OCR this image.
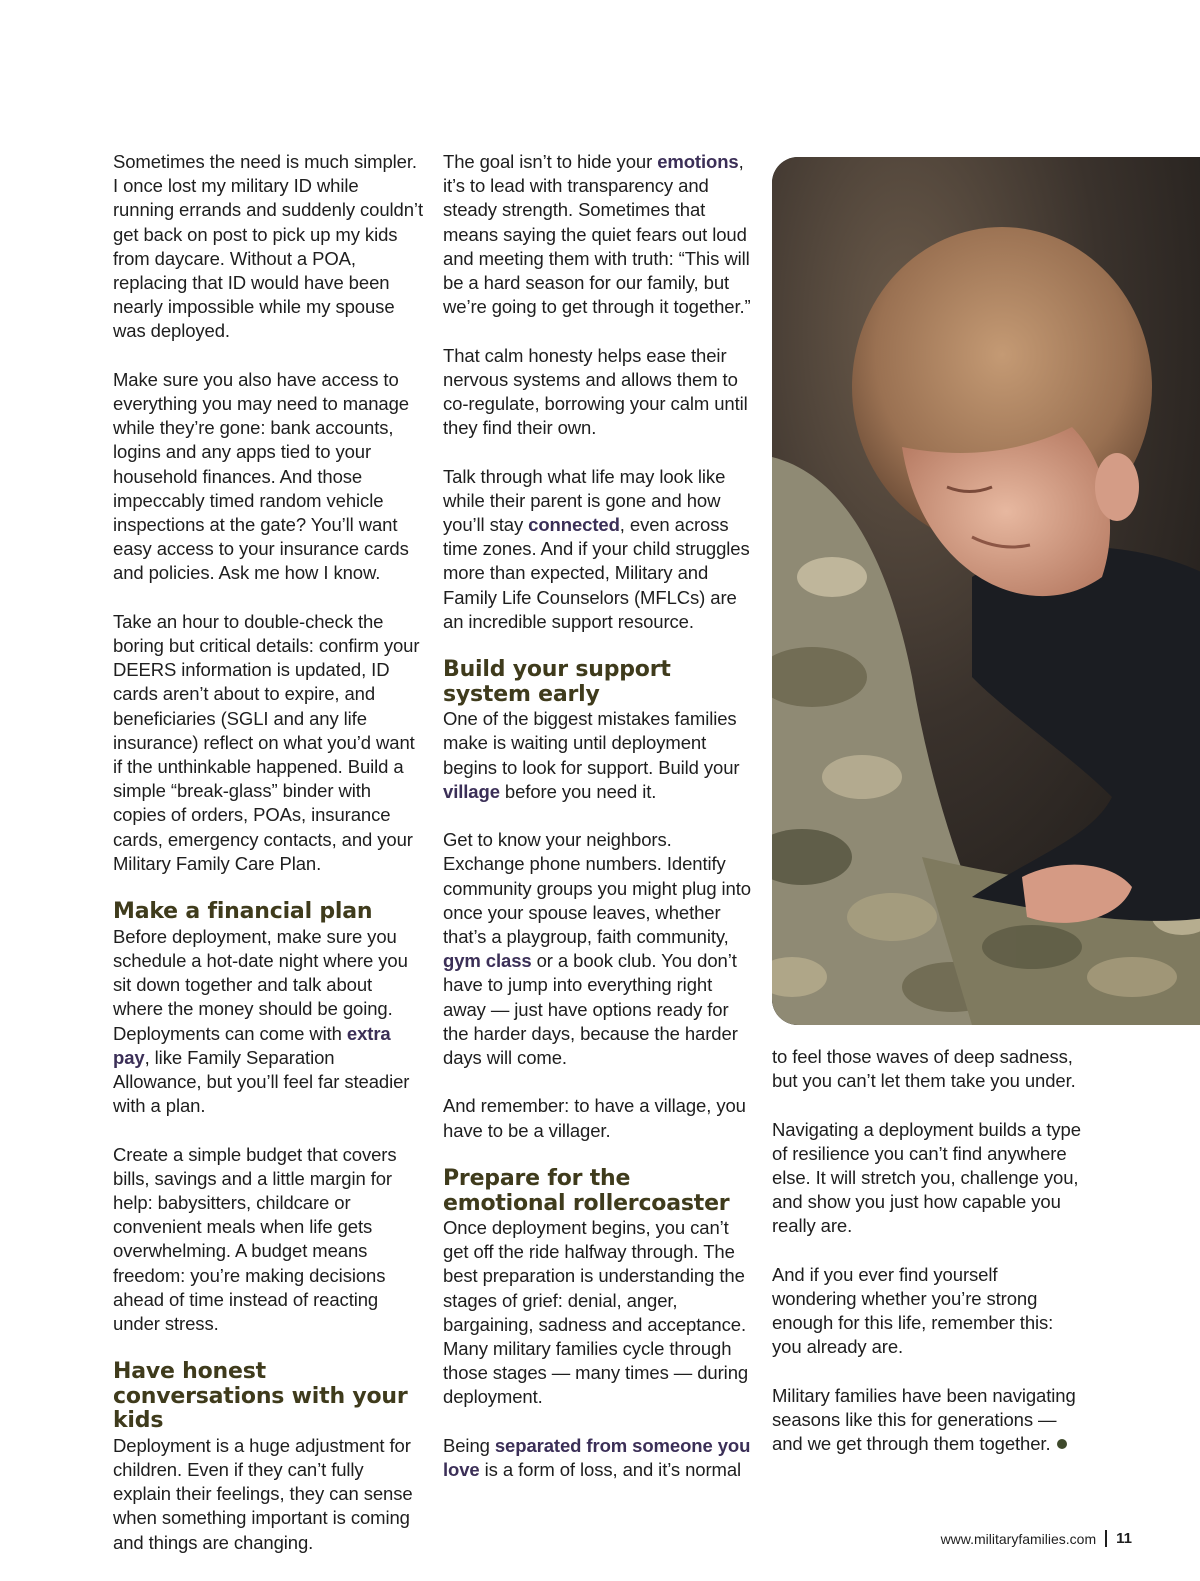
Sometimes the need is much simpler. I once lost my military ID while running errands and suddenly couldn’t get back on post to pick up my kids from daycare. Without a POA, replacing that ID would have been nearly impossible while my spouse was deployed.

Make sure you also have access to everything you may need to manage while they’re gone: bank accounts, logins and any apps tied to your household finances. And those impeccably timed random vehicle inspections at the gate? You’ll want easy access to your insurance cards and policies. Ask me how I know.

Take an hour to double-check the boring but critical details: confirm your DEERS information is updated, ID cards aren’t about to expire, and beneficiaries (SGLI and any life insurance) reflect on what you’d want if the unthinkable happened. Build a simple “break-glass” binder with copies of orders, POAs, insurance cards, emergency contacts, and your Military Family Care Plan.

Make a financial plan

Before deployment, make sure you schedule a hot-date night where you sit down together and talk about where the money should be going. Deployments can come with extra pay, like Family Separation Allowance, but you’ll feel far steadier with a plan.

Create a simple budget that covers bills, savings and a little margin for help: babysitters, childcare or convenient meals when life gets overwhelming. A budget means freedom: you’re making decisions ahead of time instead of reacting under stress.

Have honest conversations with your kids

Deployment is a huge adjustment for children. Even if they can’t fully explain their feelings, they can sense when something important is coming and things are changing.

The goal isn’t to hide your emotions, it’s to lead with transparency and steady strength. Sometimes that means saying the quiet fears out loud and meeting them with truth: “This will be a hard season for our family, but we’re going to get through it together.”

That calm honesty helps ease their nervous systems and allows them to co-regulate, borrowing your calm until they find their own.

Talk through what life may look like while their parent is gone and how you’ll stay connected, even across time zones. And if your child struggles more than expected, Military and Family Life Counselors (MFLCs) are an incredible support resource.

Build your support system early

One of the biggest mistakes families make is waiting until deployment begins to look for support. Build your village before you need it.

Get to know your neighbors. Exchange phone numbers. Identify community groups you might plug into once your spouse leaves, whether that’s a playgroup, faith community, gym class or a book club. You don’t have to jump into everything right away — just have options ready for the harder days, because the harder days will come.

And remember: to have a village, you have to be a villager.

Prepare for the emotional rollercoaster

Once deployment begins, you can’t get off the ride halfway through. The best preparation is understanding the stages of grief: denial, anger, bargaining, sadness and acceptance. Many military families cycle through those stages — many times — during deployment.

Being separated from someone you love is a form of loss, and it’s normal

to feel those waves of deep sadness, but you can’t let them take you under.

Navigating a deployment builds a type of resilience you can’t find anywhere else. It will stretch you, challenge you, and show you just how capable you really are.

And if you ever find yourself wondering whether you’re strong enough for this life, remember this: you already are.

Military families have been navigating seasons like this for generations — and we get through them together.

www.militaryfamilies.com 11
